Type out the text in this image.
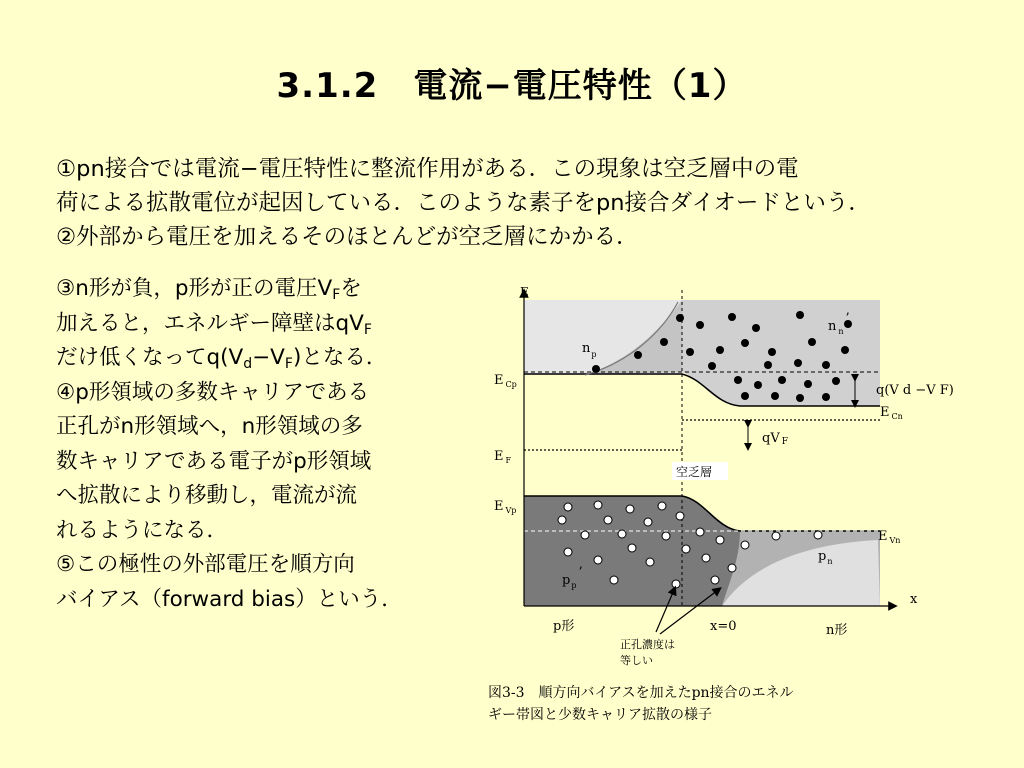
3.1.2　電流−電圧特性（1）
①pn接合では電流−電圧特性に整流作用がある．この現象は空乏層中の電
荷による拡散電位が起因している．このような素子をpn接合ダイオードという．
②外部から電圧を加えるそのほとんどが空乏層にかかる．
③n形が負，p形が正の電圧$V_F$を
加えると，エネルギー障壁は$qV_F$
だけ低くなって$q(V_d-V_F)$となる．
④p形領域の多数キャリアである
正孔がn形領域へ，n形領域の多
数キャリアである電子がp形領域
へ拡散により移動し，電流が流
れるようになる．
⑤この極性の外部電圧を順方向
バイアス（forward bias）という．
E
x
E $_{Cp}$
E $_F$
E $_{Vp}$
E $_{Cn}$
E $_{Vn}$
$n_p$
n $_n$’
$p_p$’
$p_n$
q(V d −V F)
qV F
空乏層
p形	x=0	n形
正孔濃度は
等しい
図3-3　順方向バイアスを加えたpn接合のエネル
ギー帯図と少数キャリア拡散の様子
